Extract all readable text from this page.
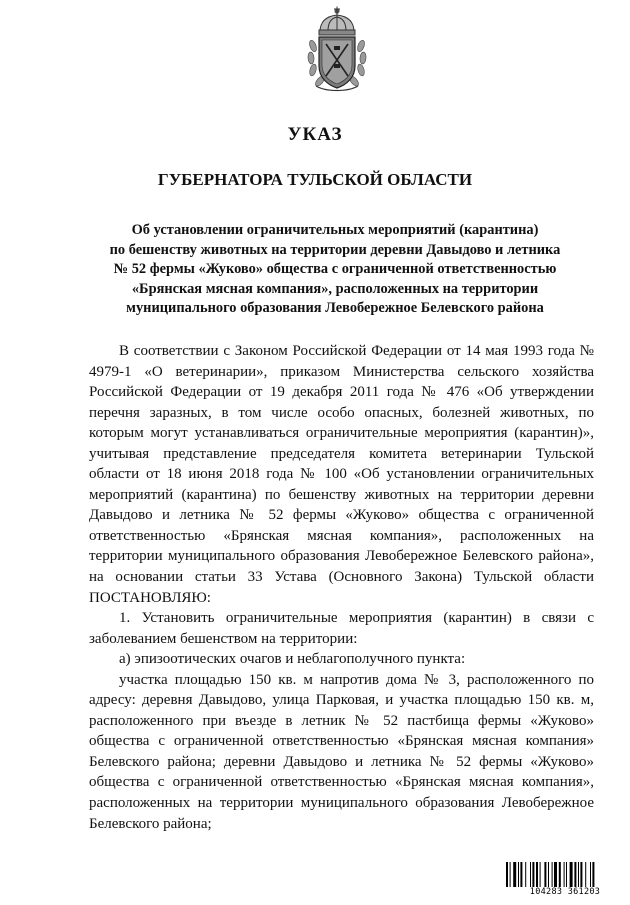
УКАЗ
ГУБЕРНАТОРА ТУЛЬСКОЙ ОБЛАСТИ
Об установлении ограничительных мероприятий (карантина)
по бешенству животных на территории деревни Давыдово и летника
№ 52 фермы «Жуково» общества с ограниченной ответственностью
«Брянская мясная компания», расположенных на территории
муниципального образования Левобережное Белевского района

В соответствии с Законом Российской Федерации от 14 мая 1993 года № 4979-1 «О ветеринарии», приказом Министерства сельского хозяйства Российской Федерации от 19 декабря 2011 года № 476 «Об утверждении перечня заразных, в том числе особо опасных, болезней животных, по которым могут устанавливаться ограничительные мероприятия (карантин)», учитывая представление председателя комитета ветеринарии Тульской области от 18 июня 2018 года № 100 «Об установлении ограничительных мероприятий (карантина) по бешенству животных на территории деревни Давыдово и летника № 52 фермы «Жуково» общества с ограниченной ответственностью «Брянская мясная компания», расположенных на территории муниципального образования Левобережное Белевского района», на основании статьи 33 Устава (Основного Закона) Тульской области ПОСТАНОВЛЯЮ:

1. Установить ограничительные мероприятия (карантин) в связи с заболеванием бешенством на территории:

а) эпизоотических очагов и неблагополучного пункта:

участка площадью 150 кв. м напротив дома № 3, расположенного по адресу: деревня Давыдово, улица Парковая, и участка площадью 150 кв. м, расположенного при въезде в летник № 52 пастбища фермы «Жуково» общества с ограниченной ответственностью «Брянская мясная компания» Белевского района; деревни Давыдово и летника № 52 фермы «Жуково» общества с ограниченной ответственностью «Брянская мясная компания», расположенных на территории муниципального образования Левобережное Белевского района;

104283 361203
